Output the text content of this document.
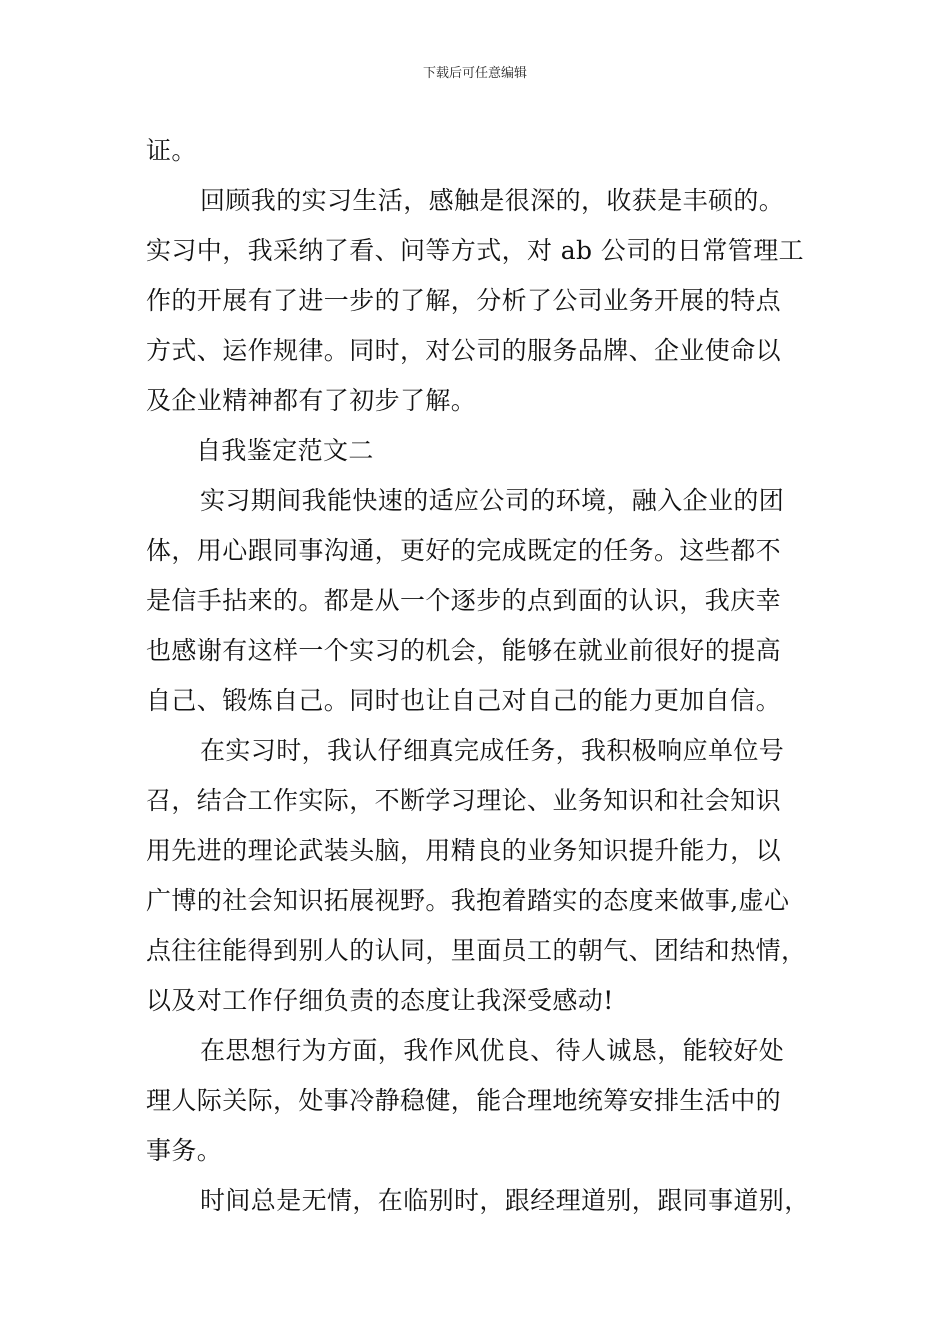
下载后可任意编辑
证。
回顾我的实习生活，感触是很深的，收获是丰硕的。
实习中，我采纳了看、问等方式，对 ab 公司的日常管理工
作的开展有了进一步的了解，分析了公司业务开展的特点
方式、运作规律。同时，对公司的服务品牌、企业使命以
及企业精神都有了初步了解。
自我鉴定范文二
实习期间我能快速的适应公司的环境，融入企业的团
体，用心跟同事沟通，更好的完成既定的任务。这些都不
是信手拈来的。都是从一个逐步的点到面的认识，我庆幸
也感谢有这样一个实习的机会，能够在就业前很好的提高
自己、锻炼自己。同时也让自己对自己的能力更加自信。
在实习时，我认仔细真完成任务，我积极响应单位号
召，结合工作实际，不断学习理论、业务知识和社会知识
用先进的理论武装头脑，用精良的业务知识提升能力，以
广博的社会知识拓展视野。我抱着踏实的态度来做事,虚心
点往往能得到别人的认同，里面员工的朝气、团结和热情，
以及对工作仔细负责的态度让我深受感动!
在思想行为方面，我作风优良、待人诚恳，能较好处
理人际关际，处事冷静稳健，能合理地统筹安排生活中的
事务。
时间总是无情，在临别时，跟经理道别，跟同事道别，
